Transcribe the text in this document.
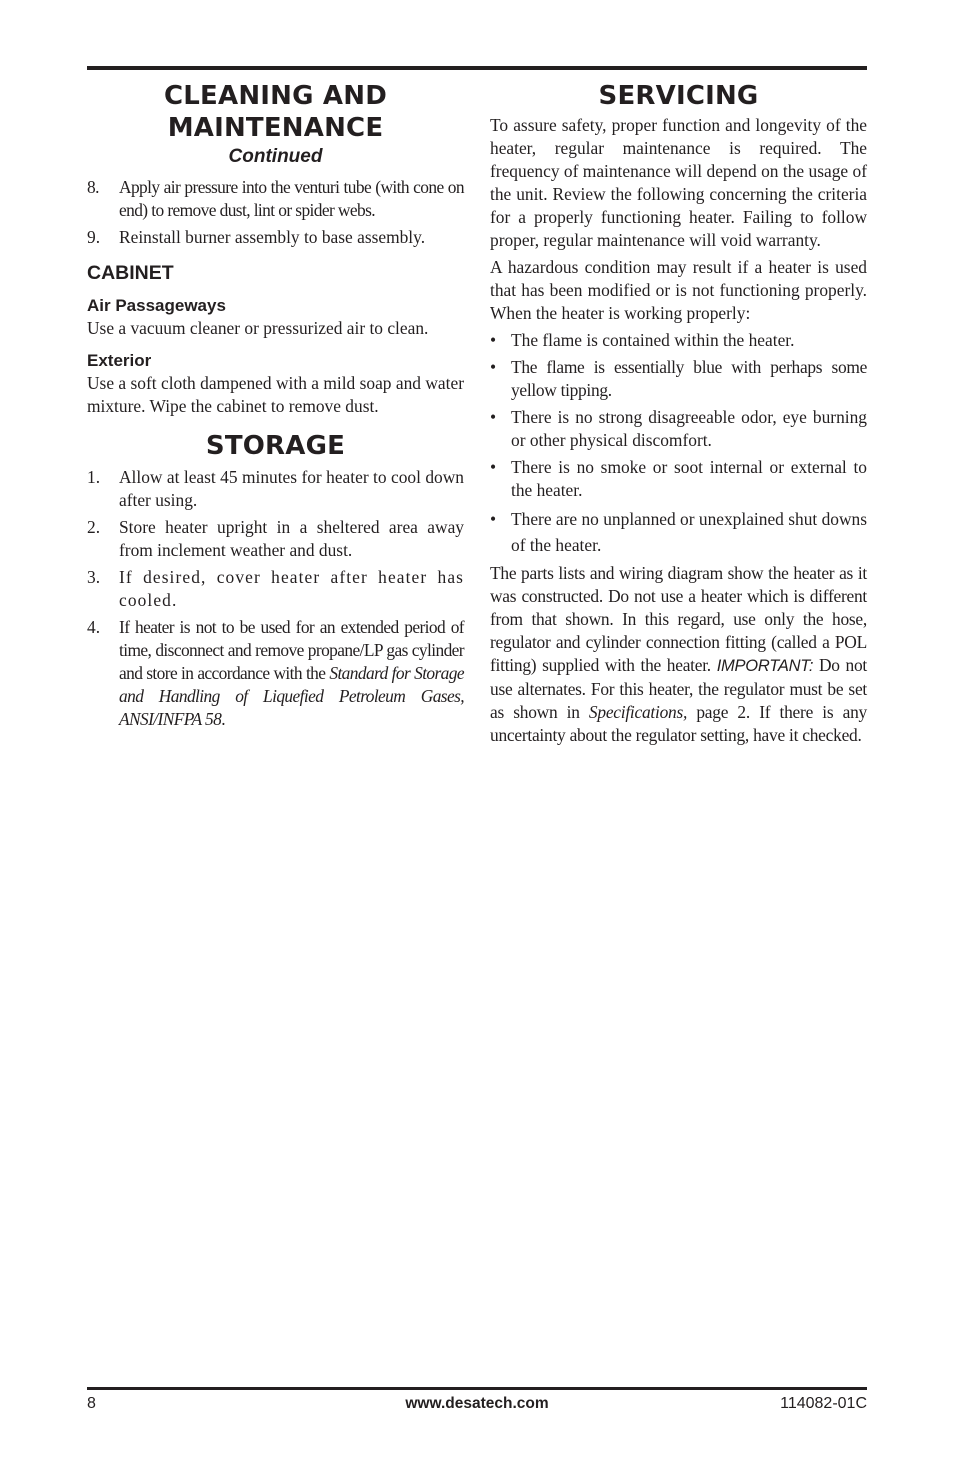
CLEANING AND
MAINTENANCE
Continued
8. Apply air pressure into the venturi tube (with cone on end) to remove dust, lint or spider webs.
9. Reinstall burner assembly to base assembly.
CABINET
Air Passageways

Use a vacuum cleaner or pressurized air to clean.

Exterior

Use a soft cloth dampened with a mild soap and water mixture. Wipe the cabinet to remove dust.

STORAGE
1. Allow at least 45 minutes for heater to cool down after using.
2. Store heater upright in a sheltered area away from inclement weather and dust.
3. If desired, cover heater after heater has cooled.
4. If heater is not to be used for an extended period of time, disconnect and remove propane/LP gas cylinder and store in accordance with the Standard for Storage and Handling of Liquefied Petroleum Gases, ANSI/INFPA 58.
SERVICING

To assure safety, proper function and longevity of the heater, regular maintenance is required. The frequency of maintenance will depend on the usage of the unit. Review the following concerning the criteria for a properly functioning heater. Failing to follow proper, regular maintenance will void warranty.

A hazardous condition may result if a heater is used that has been modified or is not functioning properly. When the heater is working properly:

• The flame is contained within the heater.
• The flame is essentially blue with perhaps some yellow tipping.
• There is no strong disagreeable odor, eye burning or other physical discomfort.
• There is no smoke or soot internal or external to the heater.
• There are no unplanned or unexplained shut downs of the heater.

The parts lists and wiring diagram show the heater as it was constructed. Do not use a heater which is different from that shown. In this regard, use only the hose, regulator and cylinder connection fitting (called a POL fitting) supplied with the heater. IMPORTANT: Do not use alternates. For this heater, the regulator must be set as shown in Specifications, page 2. If there is any uncertainty about the regulator setting, have it checked.

8	www.desatech.com	114082-01C
